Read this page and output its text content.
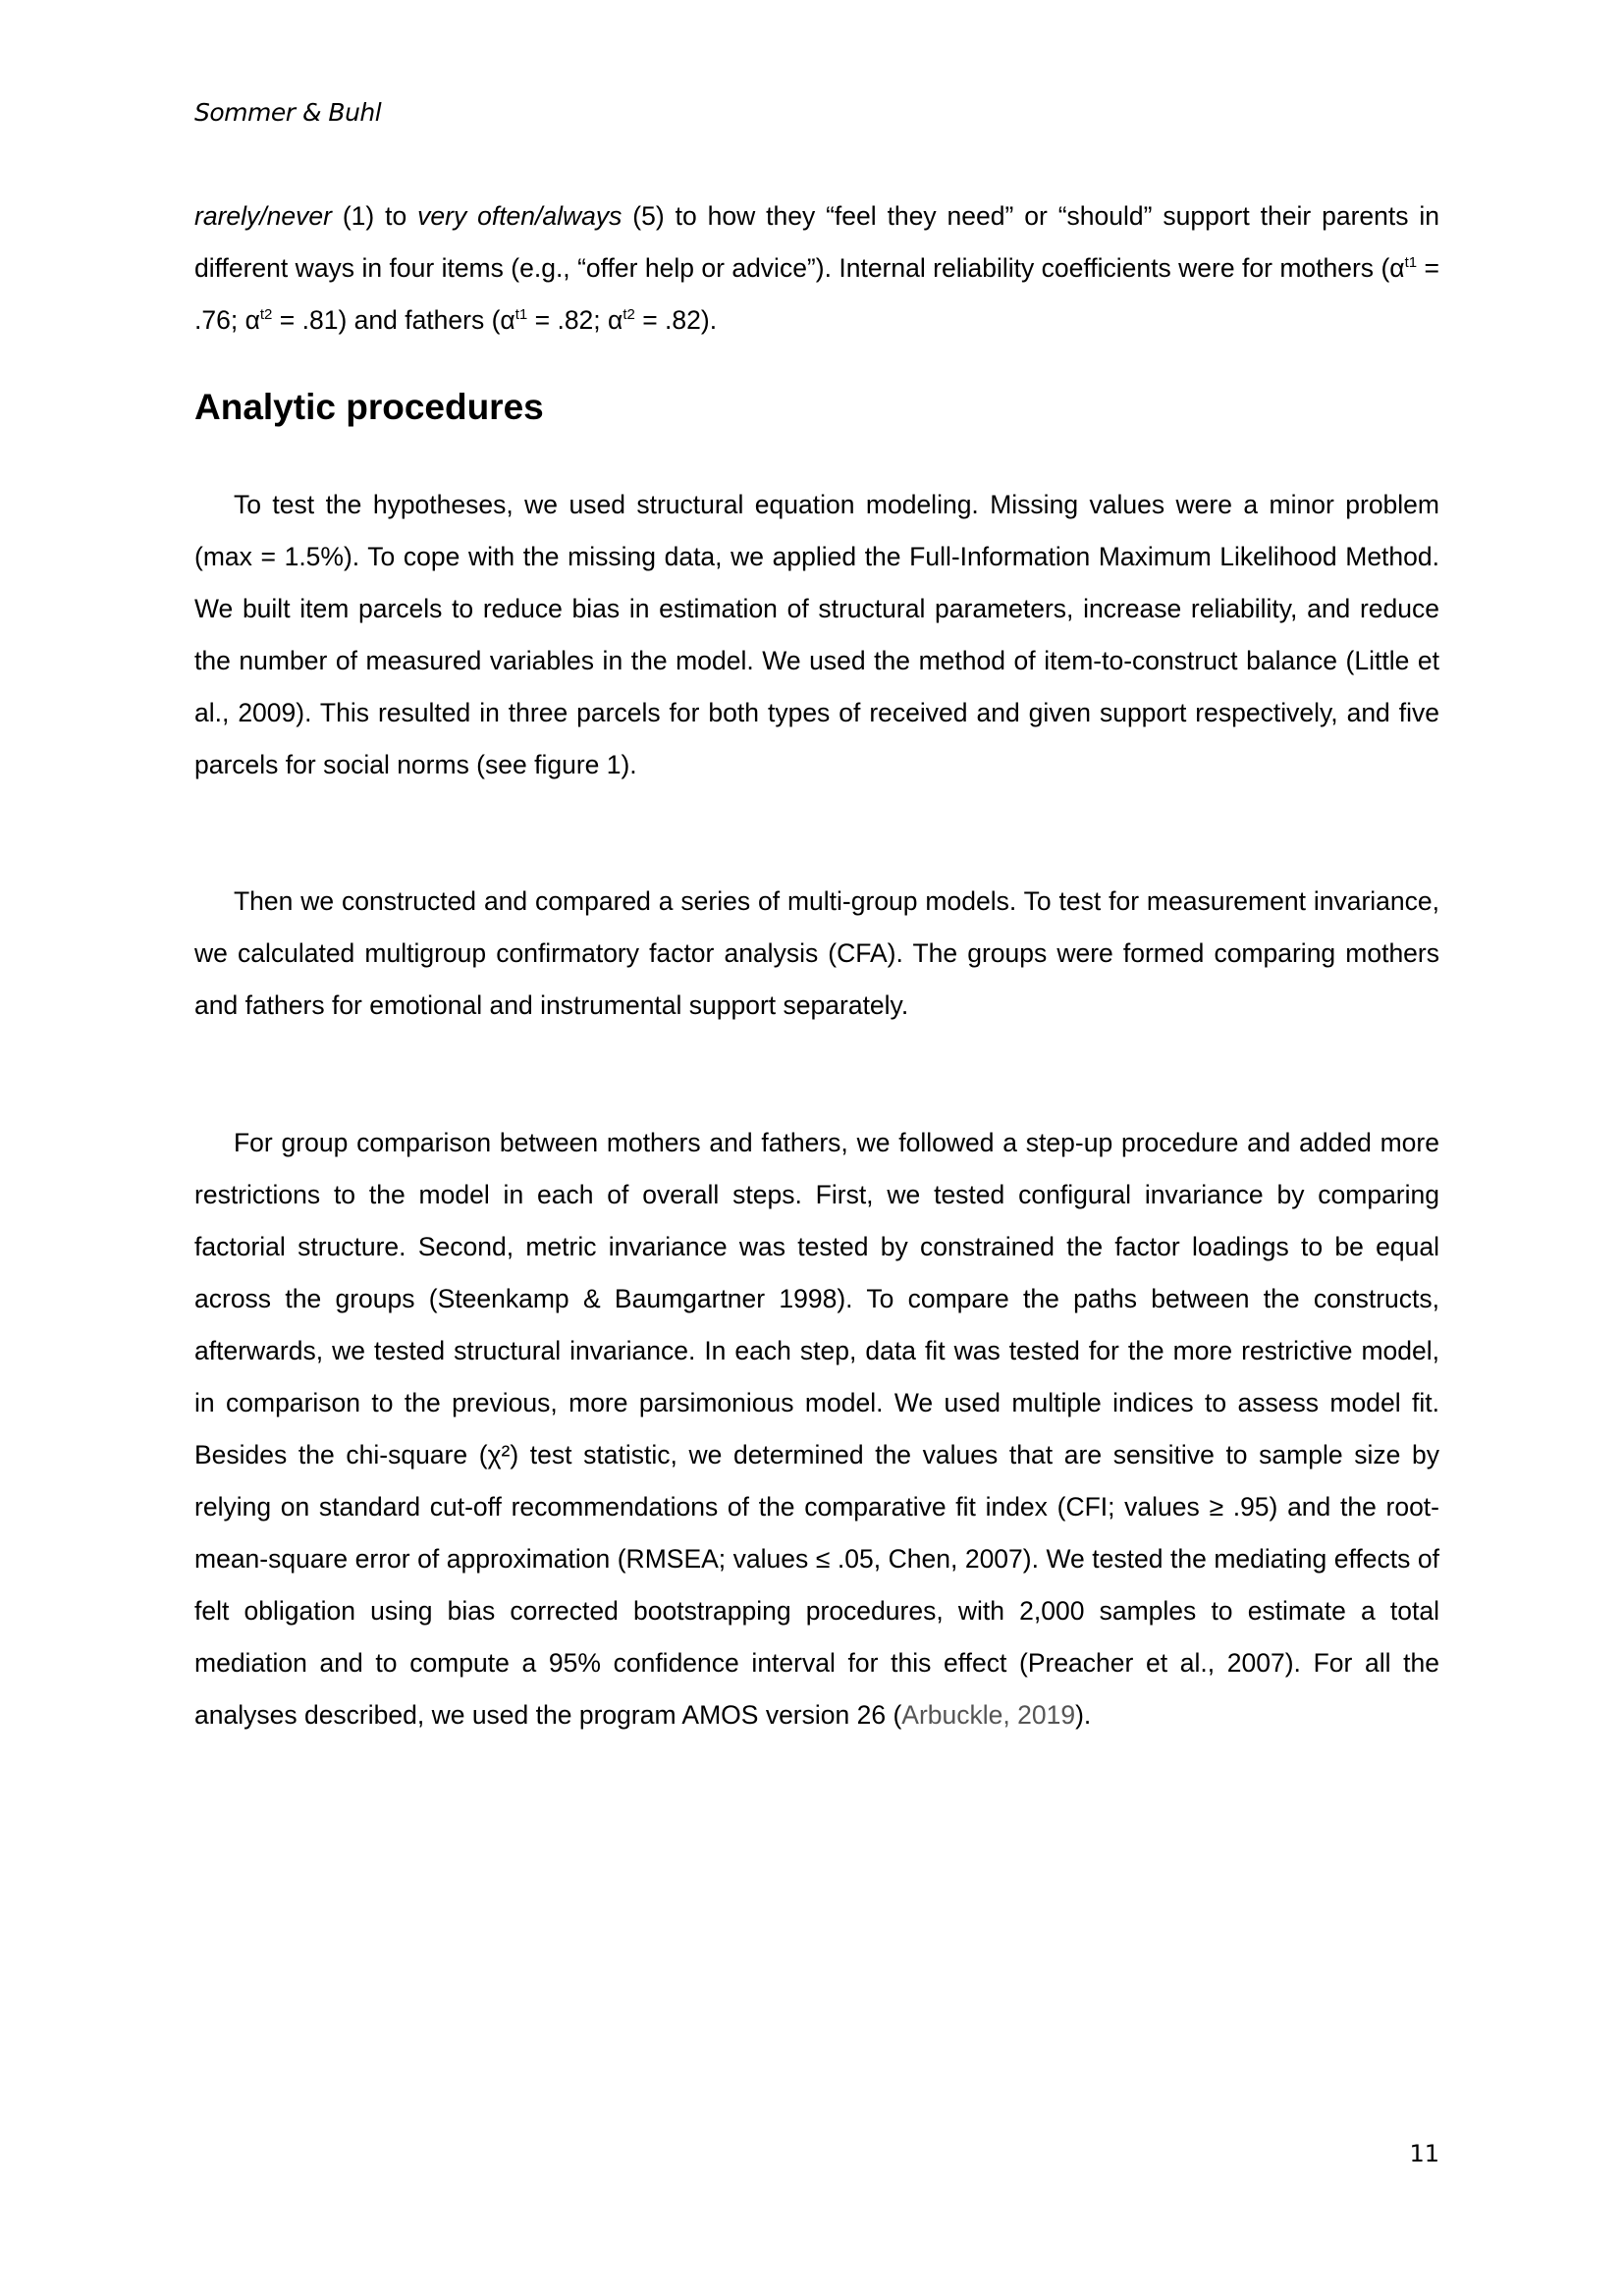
Sommer & Buhl

rarely/never (1) to very often/always (5) to how they “feel they need” or “should” support their parents in different ways in four items (e.g., “offer help or advice”). Internal reliability coefficients were for mothers ($\alpha^{t1} = .76$; $\alpha^{t2} = .81$) and fathers ($\alpha^{t1} = .82$; $\alpha^{t2} = .82$).

Analytic procedures

To test the hypotheses, we used structural equation modeling. Missing values were a minor problem (max = 1.5%). To cope with the missing data, we applied the Full-Information Maximum Likelihood Method. We built item parcels to reduce bias in estimation of structural parameters, increase reliability, and reduce the number of measured variables in the model. We used the method of item-to-construct balance (Little et al., 2009). This resulted in three parcels for both types of received and given support respectively, and five parcels for social norms (see figure 1).

Then we constructed and compared a series of multi-group models. To test for measurement invariance, we calculated multigroup confirmatory factor analysis (CFA). The groups were formed comparing mothers and fathers for emotional and instrumental support separately.

For group comparison between mothers and fathers, we followed a step-up procedure and added more restrictions to the model in each of overall steps. First, we tested configural invariance by comparing factorial structure. Second, metric invariance was tested by constrained the factor loadings to be equal across the groups (Steenkamp & Baumgartner 1998). To compare the paths between the constructs, afterwards, we tested structural invariance. In each step, data fit was tested for the more restrictive model, in comparison to the previous, more parsimonious model. We used multiple indices to assess model fit. Besides the chi-square (χ²) test statistic, we determined the values that are sensitive to sample size by relying on standard cut-off recommendations of the comparative fit index (CFI; values ≥ .95) and the root-mean-square error of approximation (RMSEA; values ≤ .05, Chen, 2007). We tested the mediating effects of felt obligation using bias corrected bootstrapping procedures, with 2,000 samples to estimate a total mediation and to compute a 95% confidence interval for this effect (Preacher et al., 2007). For all the analyses described, we used the program AMOS version 26 (Arbuckle, 2019).

11
